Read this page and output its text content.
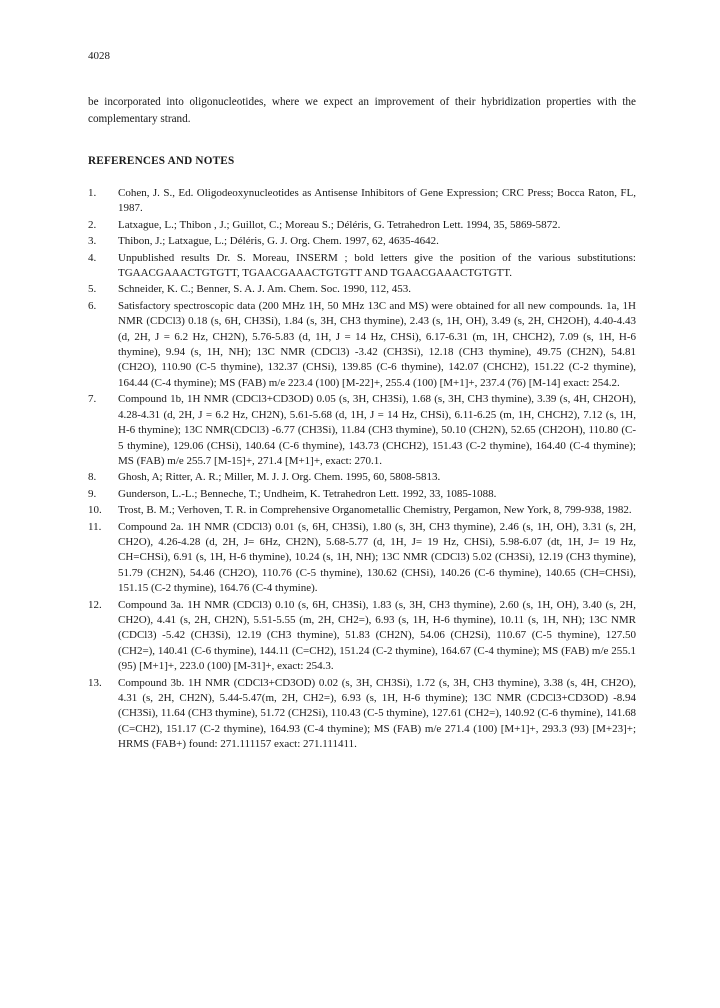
4028
be incorporated into oligonucleotides, where we expect an improvement of their hybridization properties with the complementary strand.
REFERENCES AND NOTES
1.	Cohen, J. S., Ed. Oligodeoxynucleotides as Antisense Inhibitors of Gene Expression; CRC Press; Bocca Raton, FL, 1987.
2.	Latxague, L.; Thibon , J.; Guillot, C.; Moreau S.; Déléris, G. Tetrahedron Lett. 1994, 35, 5869-5872.
3.	Thibon, J.; Latxague, L.; Déléris, G. J. Org. Chem. 1997, 62, 4635-4642.
4.	Unpublished results Dr. S. Moreau, INSERM ; bold letters give the position of the various substitutions: TGAACGAAACTGTGTT, TGAACGAAACTGTGTT AND TGAACGAAACTGTGTT.
5.	Schneider, K. C.; Benner, S. A. J. Am. Chem. Soc. 1990, 112, 453.
6.	Satisfactory spectroscopic data (200 MHz 1H, 50 MHz 13C and MS) were obtained for all new compounds. 1a, 1H NMR (CDCl3) 0.18 (s, 6H, CH3Si), 1.84 (s, 3H, CH3 thymine), 2.43 (s, 1H, OH), 3.49 (s, 2H, CH2OH), 4.40-4.43 (d, 2H, J = 6.2 Hz, CH2N), 5.76-5.83 (d, 1H, J = 14 Hz, CHSi), 6.17-6.31 (m, 1H, CHCH2), 7.09 (s, 1H, H-6 thymine), 9.94 (s, 1H, NH); 13C NMR (CDCl3) -3.42 (CH3Si), 12.18 (CH3 thymine), 49.75 (CH2N), 54.81 (CH2O), 110.90 (C-5 thymine), 132.37 (CHSi), 139.85 (C-6 thymine), 142.07 (CHCH2), 151.22 (C-2 thymine), 164.44 (C-4 thymine); MS (FAB) m/e 223.4 (100) [M-22]+, 255.4 (100) [M+1]+, 237.4 (76) [M-14] exact: 254.2.
7.	Compound 1b, 1H NMR (CDCl3+CD3OD) 0.05 (s, 3H, CH3Si), 1.68 (s, 3H, CH3 thymine), 3.39 (s, 4H, CH2OH), 4.28-4.31 (d, 2H, J = 6.2 Hz, CH2N), 5.61-5.68 (d, 1H, J = 14 Hz, CHSi), 6.11-6.25 (m, 1H, CHCH2), 7.12 (s, 1H, H-6 thymine); 13C NMR(CDCl3) -6.77 (CH3Si), 11.84 (CH3 thymine), 50.10 (CH2N), 52.65 (CH2OH), 110.80 (C-5 thymine), 129.06 (CHSi), 140.64 (C-6 thymine), 143.73 (CHCH2), 151.43 (C-2 thymine), 164.40 (C-4 thymine); MS (FAB) m/e 255.7 [M-15]+, 271.4 [M+1]+, exact: 270.1.
8.	Ghosh, A; Ritter, A. R.; Miller, M. J. J. Org. Chem. 1995, 60, 5808-5813.
9.	Gunderson, L.-L.; Benneche, T.; Undheim, K. Tetrahedron Lett. 1992, 33, 1085-1088.
10.	Trost, B. M.; Verhoven, T. R. in Comprehensive Organometallic Chemistry, Pergamon, New York, 8, 799-938, 1982.
11.	Compound 2a. 1H NMR (CDCl3) 0.01 (s, 6H, CH3Si), 1.80 (s, 3H, CH3 thymine), 2.46 (s, 1H, OH), 3.31 (s, 2H, CH2O), 4.26-4.28 (d, 2H, J= 6Hz, CH2N), 5.68-5.77 (d, 1H, J= 19 Hz, CHSi), 5.98-6.07 (dt, 1H, J= 19 Hz, CH=CHSi), 6.91 (s, 1H, H-6 thymine), 10.24 (s, 1H, NH); 13C NMR (CDCl3) 5.02 (CH3Si), 12.19 (CH3 thymine), 51.79 (CH2N), 54.46 (CH2O), 110.76 (C-5 thymine), 130.62 (CHSi), 140.26 (C-6 thymine), 140.65 (CH=CHSi), 151.15 (C-2 thymine), 164.76 (C-4 thymine).
12.	Compound 3a. 1H NMR (CDCl3) 0.10 (s, 6H, CH3Si), 1.83 (s, 3H, CH3 thymine), 2.60 (s, 1H, OH), 3.40 (s, 2H, CH2O), 4.41 (s, 2H, CH2N), 5.51-5.55 (m, 2H, CH2=), 6.93 (s, 1H, H-6 thymine), 10.11 (s, 1H, NH); 13C NMR (CDCl3) -5.42 (CH3Si), 12.19 (CH3 thymine), 51.83 (CH2N), 54.06 (CH2Si), 110.67 (C-5 thymine), 127.50 (CH2=), 140.41 (C-6 thymine), 144.11 (C=CH2), 151.24 (C-2 thymine), 164.67 (C-4 thymine); MS (FAB) m/e 255.1 (95) [M+1]+, 223.0 (100) [M-31]+, exact: 254.3.
13.	Compound 3b. 1H NMR (CDCl3+CD3OD) 0.02 (s, 3H, CH3Si), 1.72 (s, 3H, CH3 thymine), 3.38 (s, 4H, CH2O), 4.31 (s, 2H, CH2N), 5.44-5.47(m, 2H, CH2=), 6.93 (s, 1H, H-6 thymine); 13C NMR (CDCl3+CD3OD) -8.94 (CH3Si), 11.64 (CH3 thymine), 51.72 (CH2Si), 110.43 (C-5 thymine), 127.61 (CH2=), 140.92 (C-6 thymine), 141.68 (C=CH2), 151.17 (C-2 thymine), 164.93 (C-4 thymine); MS (FAB) m/e 271.4 (100) [M+1]+, 293.3 (93) [M+23]+; HRMS (FAB+) found: 271.111157 exact: 271.111411.
